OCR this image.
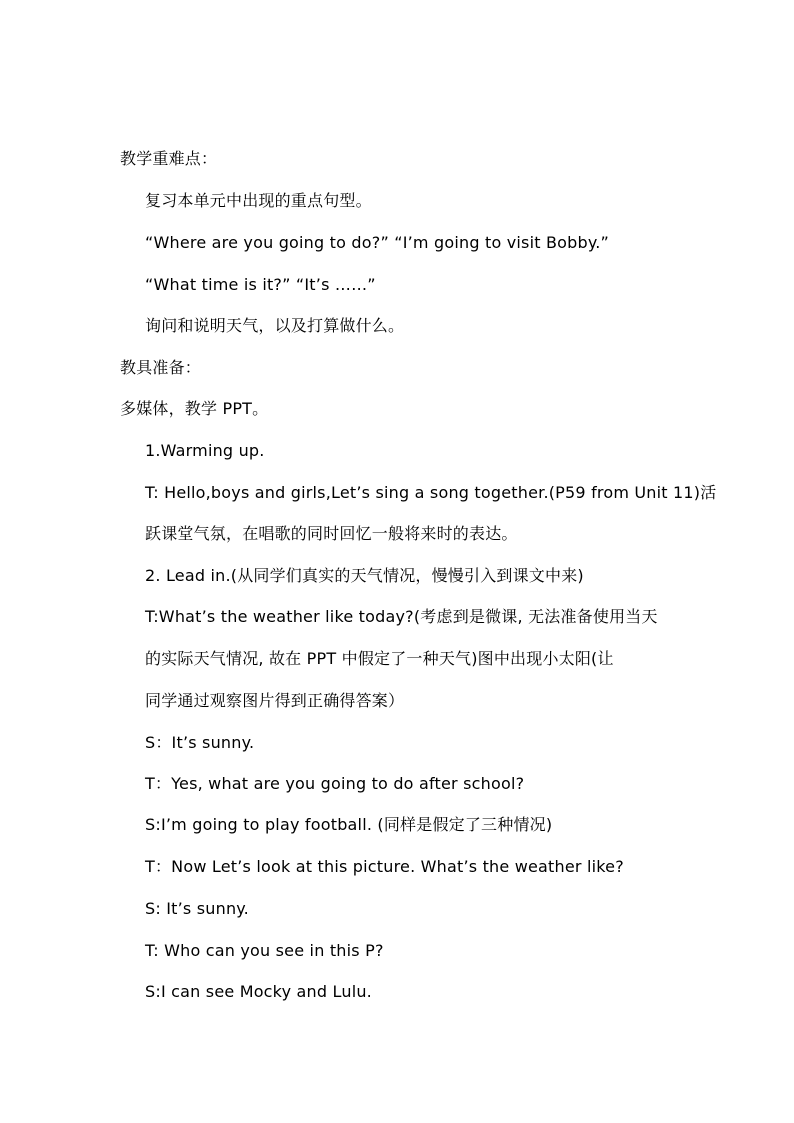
教学重难点：
复习本单元中出现的重点句型。
“Where are you going to do?” “I’m going to visit Bobby.”
“What time is it?” “It’s ……”
询问和说明天气，以及打算做什么。
教具准备：
多媒体，教学 PPT。
1.Warming up.
T: Hello,boys and girls,Let’s sing a song together.(P59 from Unit 11)活
跃课堂气氛，在唱歌的同时回忆一般将来时的表达。
2. Lead in.(从同学们真实的天气情况，慢慢引入到课文中来)
T:What’s the weather like today?(考虑到是微课, 无法准备使用当天
的实际天气情况, 故在 PPT 中假定了一种天气)图中出现小太阳(让
同学通过观察图片得到正确得答案）
S：It’s sunny.
T：Yes, what are you going to do after school?
S:I’m going to play football. (同样是假定了三种情况)
T：Now Let’s look at this picture. What’s the weather like?
S: It’s sunny.
T: Who can you see in this P?
S:I can see Mocky and Lulu.
